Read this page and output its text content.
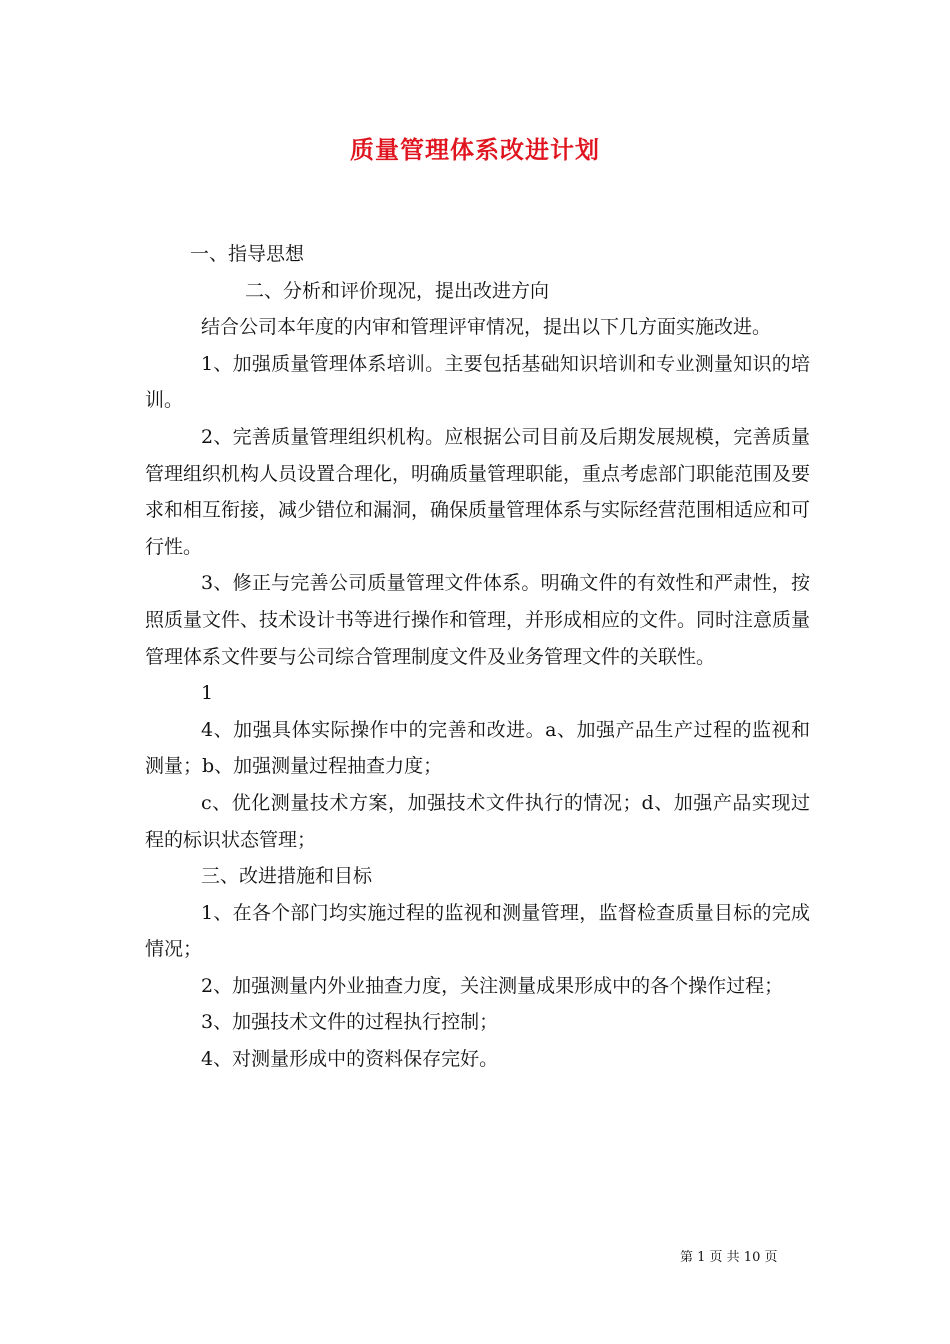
质量管理体系改进计划

一、指导思想

二、分析和评价现况，提出改进方向

结合公司本年度的内审和管理评审情况，提出以下几方面实施改进。

1、加强质量管理体系培训。主要包括基础知识培训和专业测量知识的培训。

2、完善质量管理组织机构。应根据公司目前及后期发展规模，完善质量管理组织机构人员设置合理化，明确质量管理职能，重点考虑部门职能范围及要求和相互衔接，减少错位和漏洞，确保质量管理体系与实际经营范围相适应和可行性。

3、修正与完善公司质量管理文件体系。明确文件的有效性和严肃性，按照质量文件、技术设计书等进行操作和管理，并形成相应的文件。同时注意质量管理体系文件要与公司综合管理制度文件及业务管理文件的关联性。

1

4、加强具体实际操作中的完善和改进。a、加强产品生产过程的监视和测量；b、加强测量过程抽查力度；

c、优化测量技术方案，加强技术文件执行的情况；d、加强产品实现过程的标识状态管理；

三、改进措施和目标

1、在各个部门均实施过程的监视和测量管理，监督检查质量目标的完成情况；

2、加强测量内外业抽查力度，关注测量成果形成中的各个操作过程；

3、加强技术文件的过程执行控制；

4、对测量形成中的资料保存完好。

第 1 页 共 10 页
